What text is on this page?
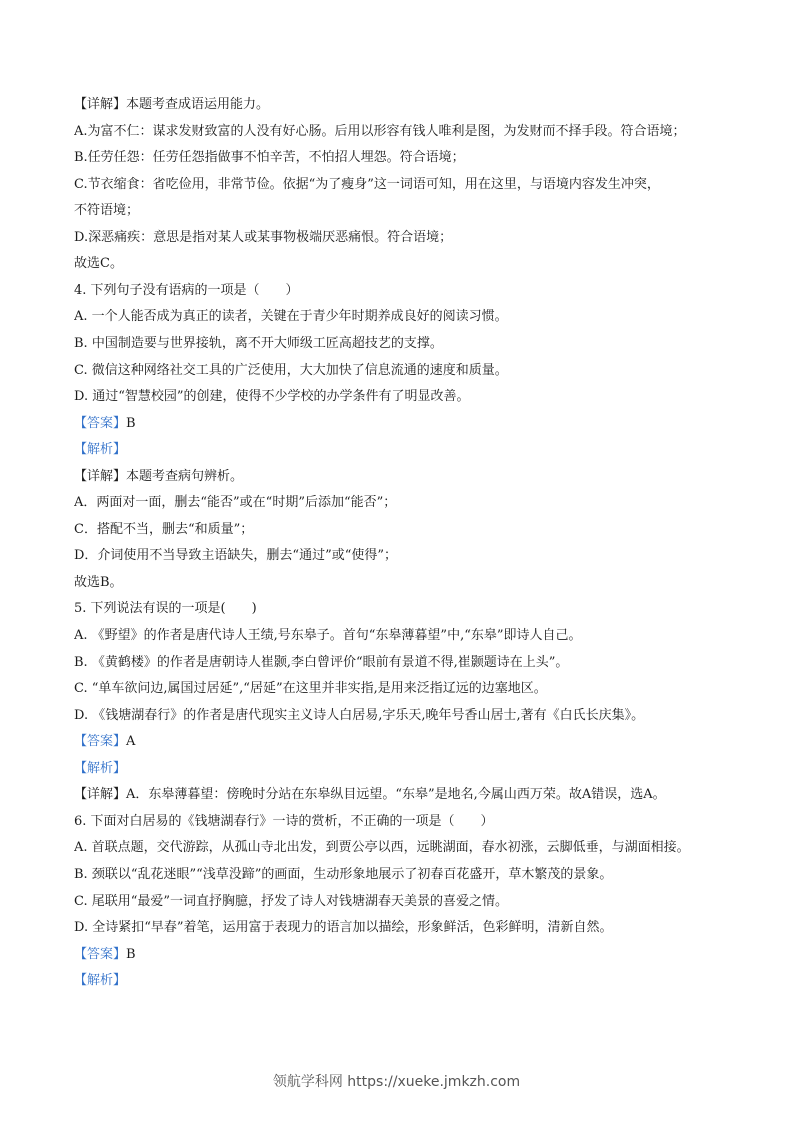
【详解】本题考查成语运用能力。
A.为富不仁：谋求发财致富的人没有好心肠。后用以形容有钱人唯利是图，为发财而不择手段。符合语境；
B.任劳任怨：任劳任怨指做事不怕辛苦，不怕招人埋怨。符合语境；
C.节衣缩食：省吃俭用，非常节俭。依据“为了瘦身”这一词语可知，用在这里，与语境内容发生冲突，
不符语境；
D.深恶痛疾：意思是指对某人或某事物极端厌恶痛恨。符合语境；
故选C。
4. 下列句子没有语病的一项是（　　）
A. 一个人能否成为真正的读者，关键在于青少年时期养成良好的阅读习惯。
B. 中国制造要与世界接轨，离不开大师级工匠高超技艺的支撑。
C. 微信这种网络社交工具的广泛使用，大大加快了信息流通的速度和质量。
D. 通过“智慧校园”的创建，使得不少学校的办学条件有了明显改善。
【答案】B
【解析】
【详解】本题考查病句辨析。
A．两面对一面，删去“能否”或在“时期”后添加“能否”；
C．搭配不当，删去“和质量”；
D．介词使用不当导致主语缺失，删去“通过”或“使得”；
故选B。
5. 下列说法有误的一项是(　　)
A. 《野望》的作者是唐代诗人王绩,号东皋子。首句“东皋薄暮望”中,“东皋”即诗人自己。
B. 《黄鹤楼》的作者是唐朝诗人崔颢,李白曾评价“眼前有景道不得,崔颢题诗在上头”。
C. “单车欲问边,属国过居延”,“居延”在这里并非实指,是用来泛指辽远的边塞地区。
D. 《钱塘湖春行》的作者是唐代现实主义诗人白居易,字乐天,晚年号香山居士,著有《白氏长庆集》。
【答案】A
【解析】
【详解】A．东皋薄暮望：傍晚时分站在东皋纵目远望。“东皋”是地名,今属山西万荣。故A错误，选A。
6. 下面对白居易的《钱塘湖春行》一诗的赏析，不正确的一项是（　　）
A. 首联点题，交代游踪，从孤山寺北出发，到贾公亭以西，远眺湖面，春水初涨，云脚低垂，与湖面相接。
B. 颈联以“乱花迷眼”“浅草没蹄”的画面，生动形象地展示了初春百花盛开，草木繁茂的景象。
C. 尾联用“最爱”一词直抒胸臆，抒发了诗人对钱塘湖春天美景的喜爱之情。
D. 全诗紧扣“早春”着笔，运用富于表现力的语言加以描绘，形象鲜活，色彩鲜明，清新自然。
【答案】B
【解析】
领航学科网 https://xueke.jmkzh.com
